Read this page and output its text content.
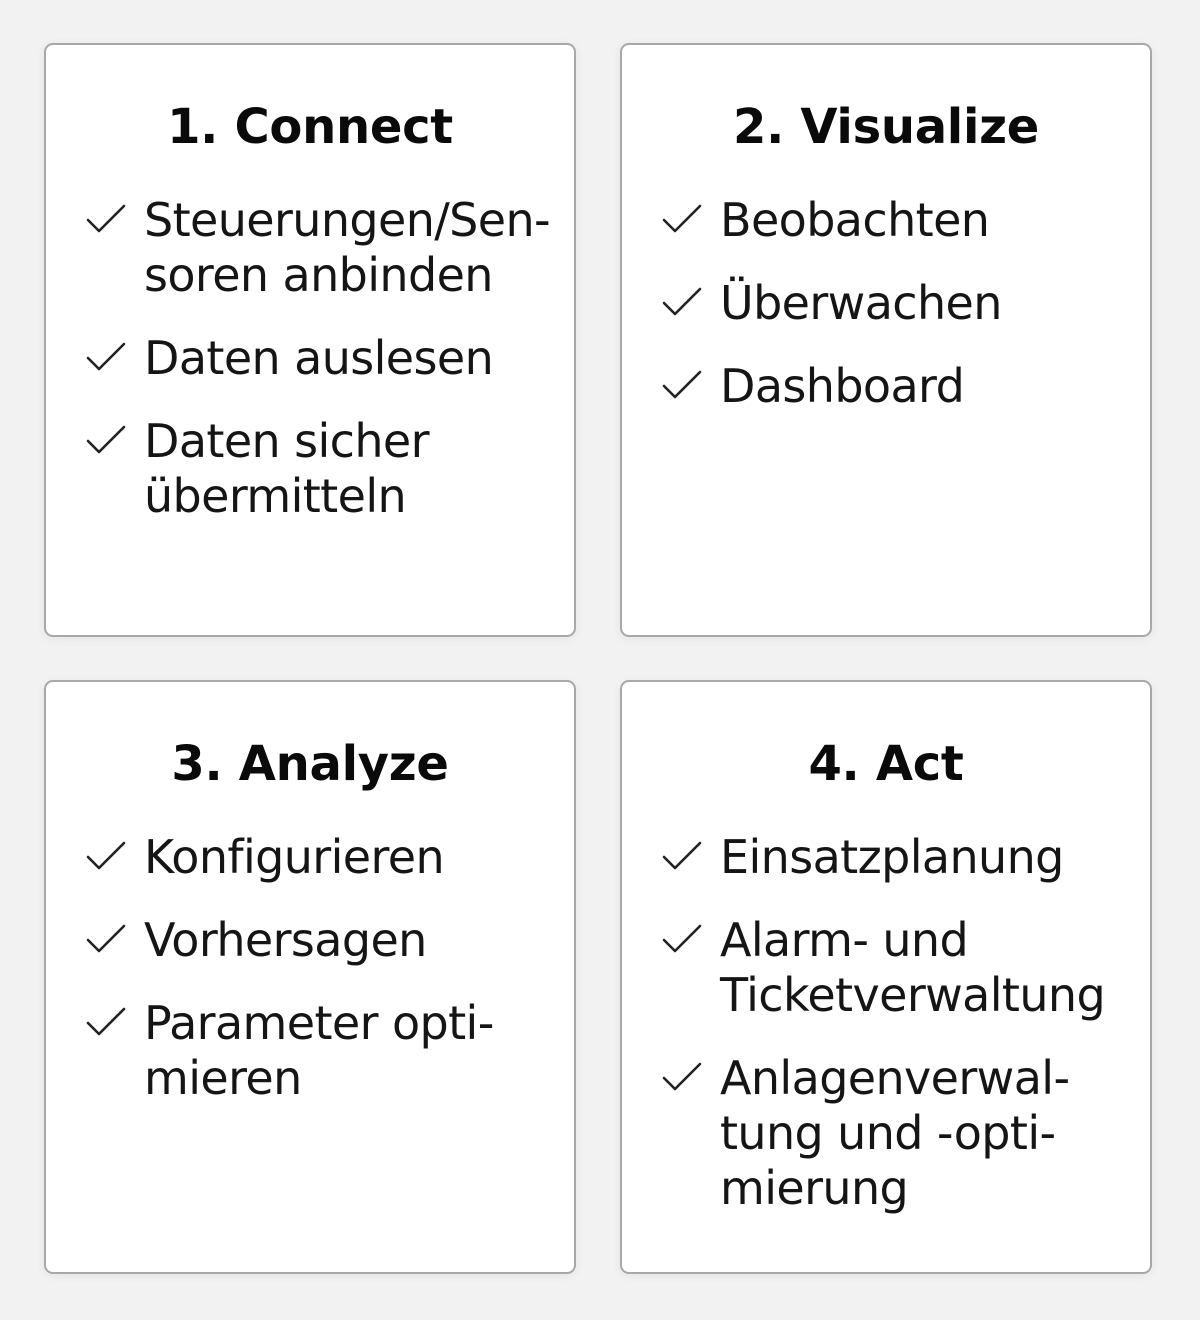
1. Connect
Steuerungen/Sen-
soren anbinden
Daten auslesen
Daten sicher
übermitteln
2. Visualize
Beobachten
Überwachen
Dashboard
3. Analyze
Konfigurieren
Vorhersagen
Parameter opti-
mieren
4. Act
Einsatzplanung
Alarm- und
Ticketverwaltung
Anlagenverwal-
tung und -opti-
mierung
